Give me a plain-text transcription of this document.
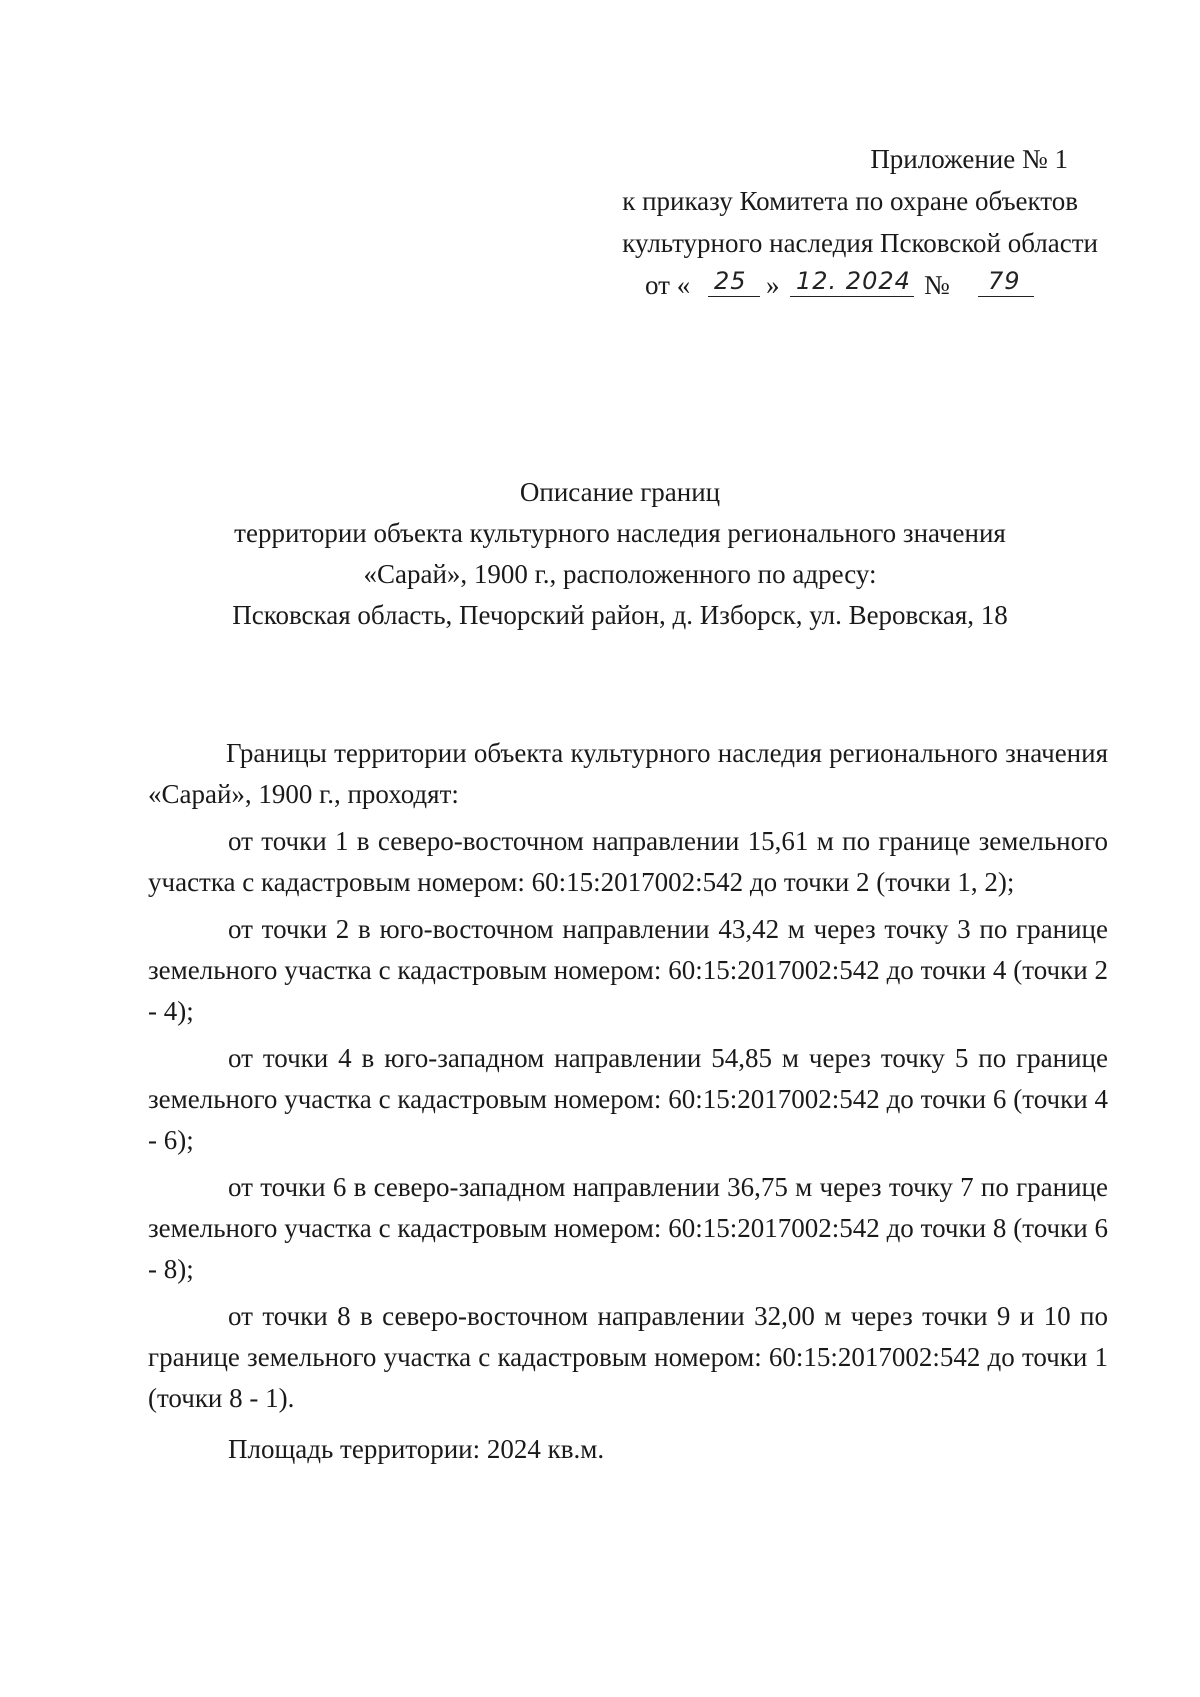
Приложение № 1
к приказу Комитета по охране объектов
культурного наследия Псковской области
от « 25 » 12. 2024 № 79
Описание границ
территории объекта культурного наследия регионального значения
«Сарай», 1900 г., расположенного по адресу:
Псковская область, Печорский район, д. Изборск, ул. Веровская, 18

Границы территории объекта культурного наследия регионального значения «Сарай», 1900 г., проходят:

от точки 1 в северо-восточном направлении 15,61 м по границе земельного участка с кадастровым номером: 60:15:2017002:542 до точки 2 (точки 1, 2);

от точки 2 в юго-восточном направлении 43,42 м через точку 3 по границе земельного участка с кадастровым номером: 60:15:2017002:542 до точки 4 (точки 2 - 4);

от точки 4 в юго-западном направлении 54,85 м через точку 5 по границе земельного участка с кадастровым номером: 60:15:2017002:542 до точки 6 (точки 4 - 6);

от точки 6 в северо-западном направлении 36,75 м через точку 7 по границе земельного участка с кадастровым номером: 60:15:2017002:542 до точки 8 (точки 6 - 8);

от точки 8 в северо-восточном направлении 32,00 м через точки 9 и 10 по границе земельного участка с кадастровым номером: 60:15:2017002:542 до точки 1 (точки 8 - 1).

Площадь территории: 2024 кв.м.
